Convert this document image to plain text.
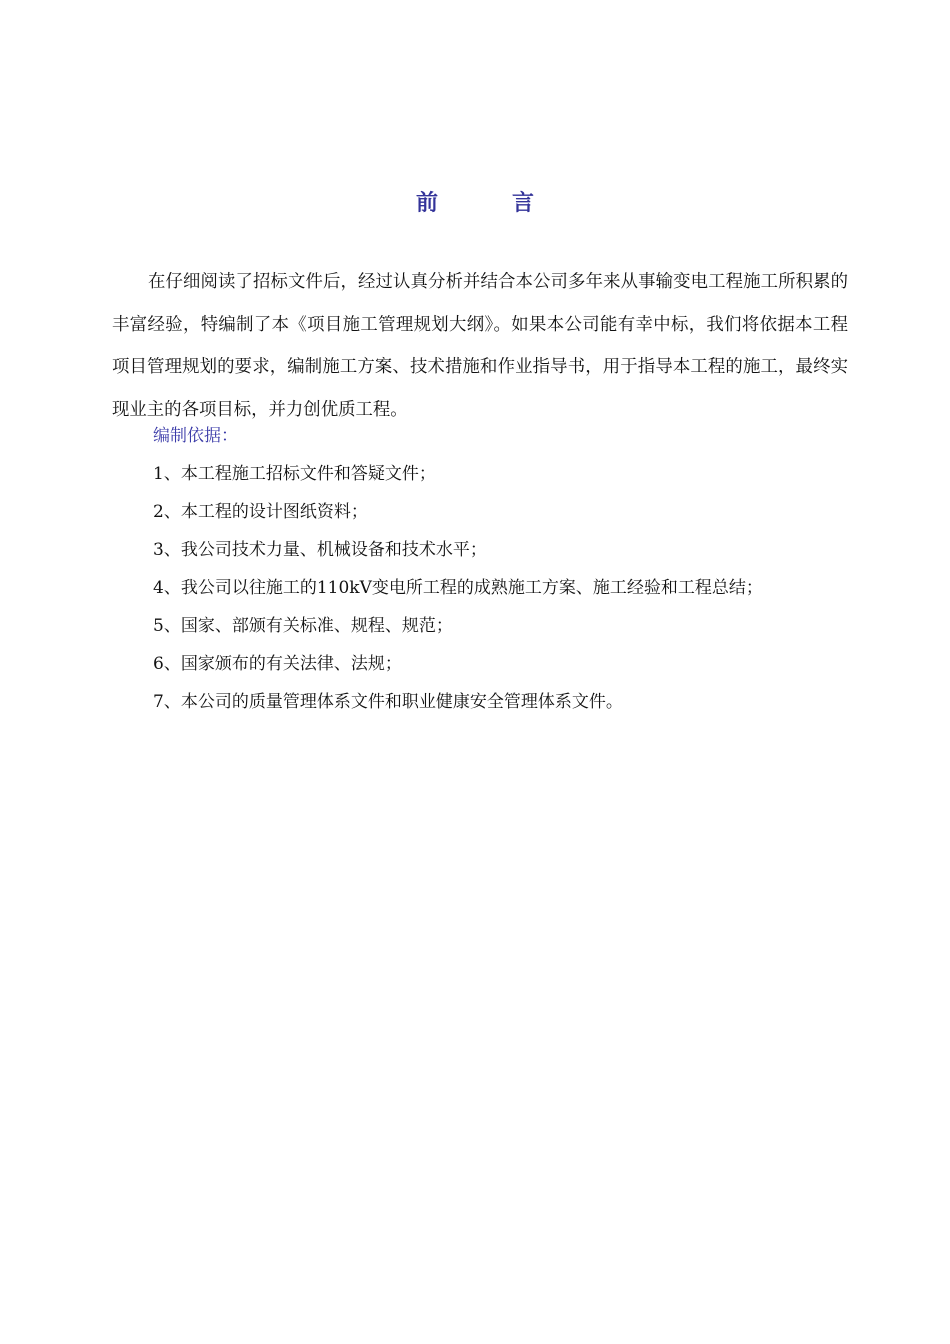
前　言

在仔细阅读了招标文件后，经过认真分析并结合本公司多年来从事输变电工程施工所积累的丰富经验，特编制了本《项目施工管理规划大纲》。如果本公司能有幸中标，我们将依据本工程项目管理规划的要求，编制施工方案、技术措施和作业指导书，用于指导本工程的施工，最终实现业主的各项目标，并力创优质工程。

编制依据：

1、本工程施工招标文件和答疑文件；
2、本工程的设计图纸资料；
3、我公司技术力量、机械设备和技术水平；
4、我公司以往施工的110kV变电所工程的成熟施工方案、施工经验和工程总结；
5、国家、部颁有关标准、规程、规范；
6、国家颁布的有关法律、法规；
7、本公司的质量管理体系文件和职业健康安全管理体系文件。
